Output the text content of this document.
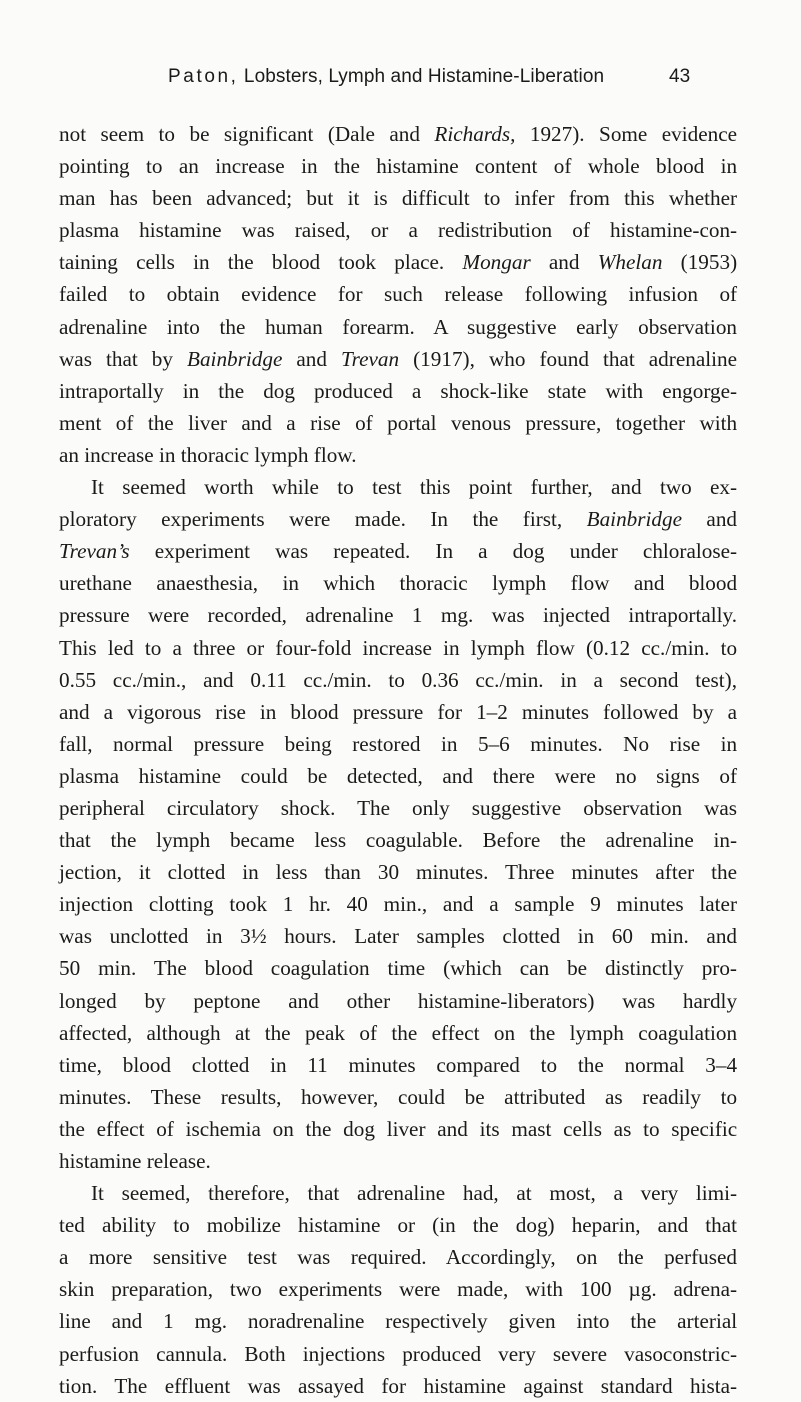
Paton, Lobsters, Lymph and Histamine-Liberation	43
not seem to be significant (Dale and Richards, 1927). Some evidence
pointing to an increase in the histamine content of whole blood in
man has been advanced; but it is difficult to infer from this whether
plasma histamine was raised, or a redistribution of histamine-con-
taining cells in the blood took place. Mongar and Whelan (1953)
failed to obtain evidence for such release following infusion of
adrenaline into the human forearm. A suggestive early observation
was that by Bainbridge and Trevan (1917), who found that adrenaline
intraportally in the dog produced a shock-like state with engorge-
ment of the liver and a rise of portal venous pressure, together with
an increase in thoracic lymph flow.
It seemed worth while to test this point further, and two ex-
ploratory experiments were made. In the first, Bainbridge and
Trevan’s experiment was repeated. In a dog under chloralose-
urethane anaesthesia, in which thoracic lymph flow and blood
pressure were recorded, adrenaline 1 mg. was injected intraportally.
This led to a three or four-fold increase in lymph flow (0.12 cc./min. to
0.55 cc./min., and 0.11 cc./min. to 0.36 cc./min. in a second test),
and a vigorous rise in blood pressure for 1–2 minutes followed by a
fall, normal pressure being restored in 5–6 minutes. No rise in
plasma histamine could be detected, and there were no signs of
peripheral circulatory shock. The only suggestive observation was
that the lymph became less coagulable. Before the adrenaline in-
jection, it clotted in less than 30 minutes. Three minutes after the
injection clotting took 1 hr. 40 min., and a sample 9 minutes later
was unclotted in 3½ hours. Later samples clotted in 60 min. and
50 min. The blood coagulation time (which can be distinctly pro-
longed by peptone and other histamine-liberators) was hardly
affected, although at the peak of the effect on the lymph coagulation
time, blood clotted in 11 minutes compared to the normal 3–4
minutes. These results, however, could be attributed as readily to
the effect of ischemia on the dog liver and its mast cells as to specific
histamine release.
It seemed, therefore, that adrenaline had, at most, a very limi-
ted ability to mobilize histamine or (in the dog) heparin, and that
a more sensitive test was required. Accordingly, on the perfused
skin preparation, two experiments were made, with 100 µg. adrena-
line and 1 mg. noradrenaline respectively given into the arterial
perfusion cannula. Both injections produced very severe vasoconstric-
tion. The effluent was assayed for histamine against standard hista-
